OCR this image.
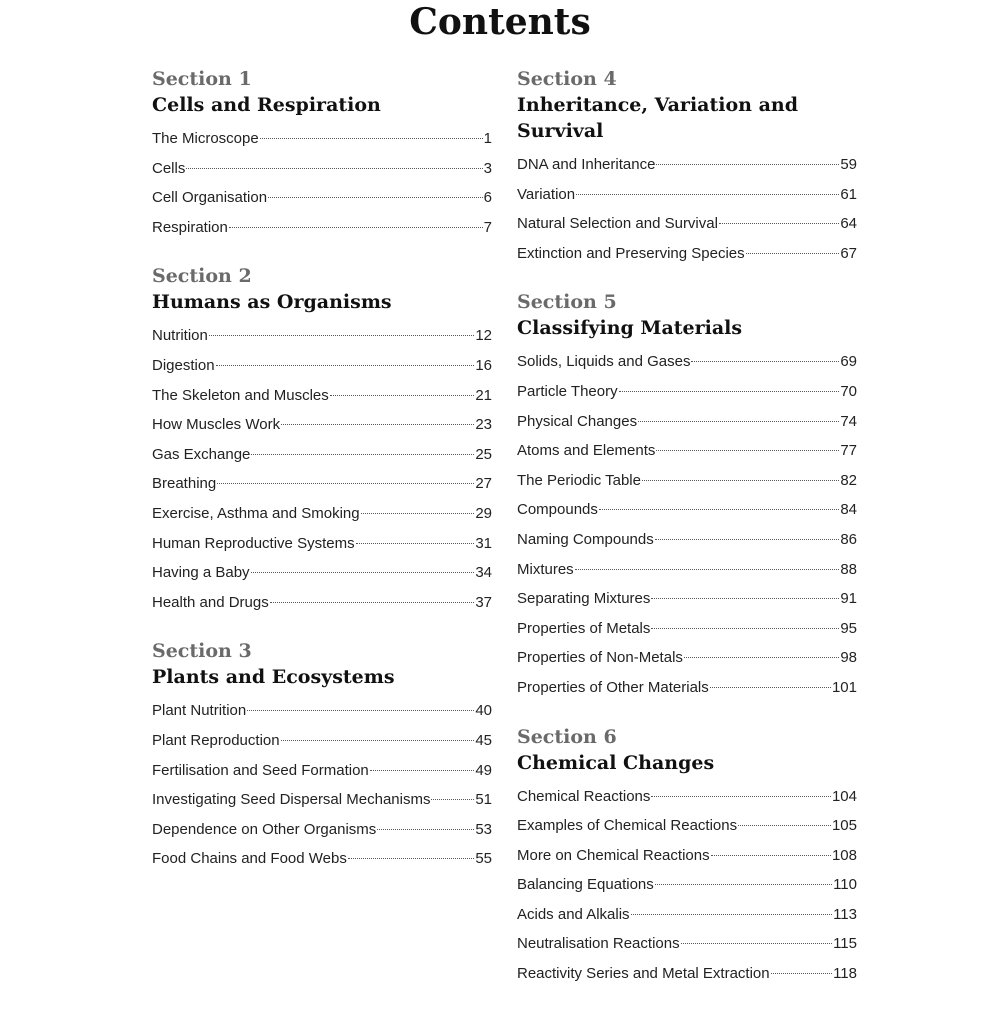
Contents
Section 1
Cells and Respiration
The Microscope	1
Cells	3
Cell Organisation	6
Respiration	7
Section 2
Humans as Organisms
Nutrition	12
Digestion	16
The Skeleton and Muscles	21
How Muscles Work	23
Gas Exchange	25
Breathing	27
Exercise, Asthma and Smoking	29
Human Reproductive Systems	31
Having a Baby	34
Health and Drugs	37
Section 3
Plants and Ecosystems
Plant Nutrition	40
Plant Reproduction	45
Fertilisation and Seed Formation	49
Investigating Seed Dispersal Mechanisms	51
Dependence on Other Organisms	53
Food Chains and Food Webs	55
Section 4
Inheritance, Variation and Survival
DNA and Inheritance	59
Variation	61
Natural Selection and Survival	64
Extinction and Preserving Species	67
Section 5
Classifying Materials
Solids, Liquids and Gases	69
Particle Theory	70
Physical Changes	74
Atoms and Elements	77
The Periodic Table	82
Compounds	84
Naming Compounds	86
Mixtures	88
Separating Mixtures	91
Properties of Metals	95
Properties of Non-Metals	98
Properties of Other Materials	101
Section 6
Chemical Changes
Chemical Reactions	104
Examples of Chemical Reactions	105
More on Chemical Reactions	108
Balancing Equations	110
Acids and Alkalis	113
Neutralisation Reactions	115
Reactivity Series and Metal Extraction	118
